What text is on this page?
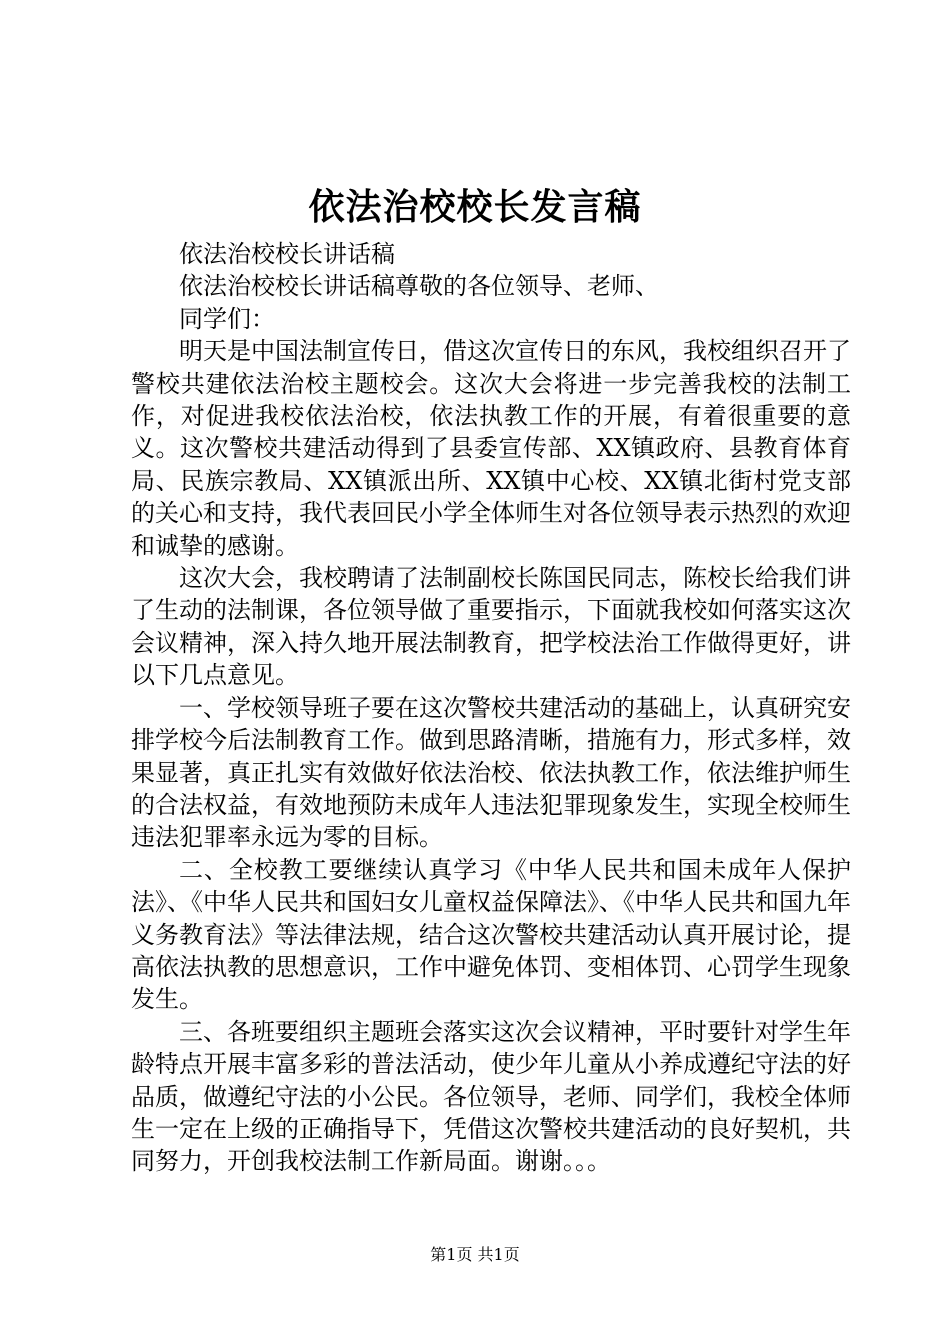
依法治校校长发言稿

依法治校校长讲话稿

依法治校校长讲话稿尊敬的各位领导、老师、

同学们：

明天是中国法制宣传日，借这次宣传日的东风，我校组织召开了警校共建依法治校主题校会。这次大会将进一步完善我校的法制工作，对促进我校依法治校，依法执教工作的开展，有着很重要的意义。这次警校共建活动得到了县委宣传部、XX镇政府、县教育体育局、民族宗教局、XX镇派出所、XX镇中心校、XX镇北街村党支部的关心和支持，我代表回民小学全体师生对各位领导表示热烈的欢迎和诚挚的感谢。

这次大会，我校聘请了法制副校长陈国民同志，陈校长给我们讲了生动的法制课，各位领导做了重要指示，下面就我校如何落实这次会议精神，深入持久地开展法制教育，把学校法治工作做得更好，讲以下几点意见。

一、学校领导班子要在这次警校共建活动的基础上，认真研究安排学校今后法制教育工作。做到思路清晰，措施有力，形式多样，效果显著，真正扎实有效做好依法治校、依法执教工作，依法维护师生的合法权益，有效地预防未成年人违法犯罪现象发生，实现全校师生违法犯罪率永远为零的目标。

二、全校教工要继续认真学习《中华人民共和国未成年人保护法》、《中华人民共和国妇女儿童权益保障法》、《中华人民共和国九年义务教育法》等法律法规，结合这次警校共建活动认真开展讨论，提高依法执教的思想意识，工作中避免体罚、变相体罚、心罚学生现象发生。

三、各班要组织主题班会落实这次会议精神，平时要针对学生年龄特点开展丰富多彩的普法活动，使少年儿童从小养成遵纪守法的好品质，做遵纪守法的小公民。各位领导，老师、同学们，我校全体师生一定在上级的正确指导下，凭借这次警校共建活动的良好契机，共同努力，开创我校法制工作新局面。谢谢。。。

第1页 共1页
